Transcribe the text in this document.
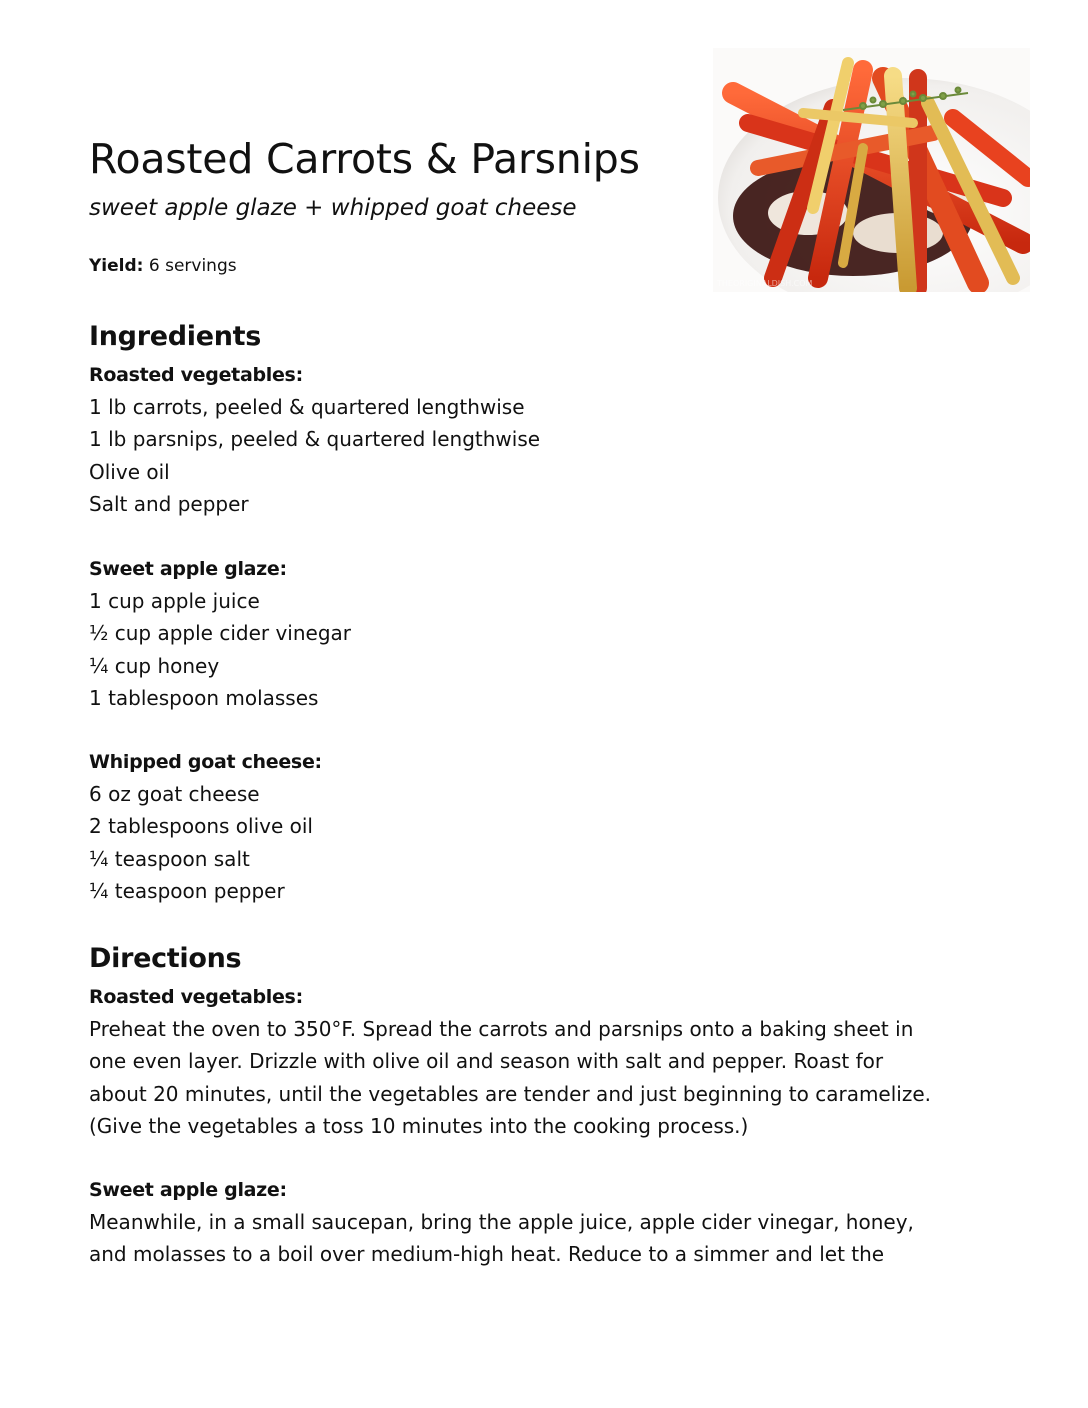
Roasted Carrots & Parsnips

sweet apple glaze + whipped goat cheese

Yield: 6 servings

THEORIGINALDISH.COM
Ingredients
Roasted vegetables:
1 lb carrots, peeled & quartered lengthwise
1 lb parsnips, peeled & quartered lengthwise
Olive oil
Salt and pepper
Sweet apple glaze:
1 cup apple juice
½ cup apple cider vinegar
¼ cup honey
1 tablespoon molasses
Whipped goat cheese:
6 oz goat cheese
2 tablespoons olive oil
¼ teaspoon salt
¼ teaspoon pepper
Directions
Roasted vegetables:

Preheat the oven to 350°F. Spread the carrots and parsnips onto a baking sheet in
one even layer. Drizzle with olive oil and season with salt and pepper. Roast for
about 20 minutes, until the vegetables are tender and just beginning to caramelize.
(Give the vegetables a toss 10 minutes into the cooking process.)

Sweet apple glaze:

Meanwhile, in a small saucepan, bring the apple juice, apple cider vinegar, honey,
and molasses to a boil over medium-high heat. Reduce to a simmer and let the
